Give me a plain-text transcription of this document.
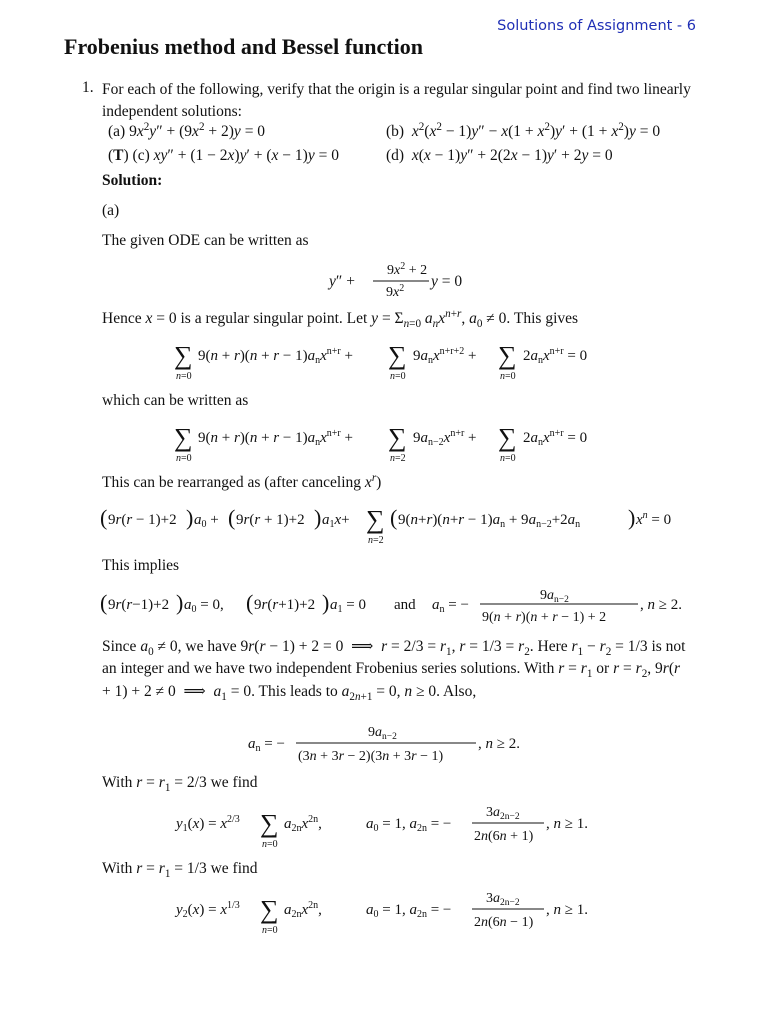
Solutions of Assignment - 6
Frobenius method and Bessel function
1. For each of the following, verify that the origin is a regular singular point and find two linearly independent solutions:
(a) $9x^2y'' + (9x^2 + 2)y = 0$	(b)  $x^2(x^2 - 1)y'' - x(1 + x^2)y' + (1 + x^2)y = 0$
(T) (c) xy″ + (1 − 2x)y′ + (x − 1)y = 0	(d)  x(x − 1)y″ + 2(2x − 1)y′ + 2y = 0
Solution:
(a)
The given ODE can be written as
y″ +
$9x^2 + 2$
$9x^2$ y = 0
Hence x = 0 is a regular singular point. Let $y = \Sigma_{n=0}$ $a_nx^{n+r}$, $a_0 \ne 0$. This gives
∑
n=0
$9(n + r)(n + r - 1)a_nx^{n+r}$ + ∑
n=0
$9a_nx^{n+r+2}$ + ∑
n=0
$2a_nx^{n+r} = 0$
which can be written as
∑
n=0
$9(n + r)(n + r - 1)a_nx^{n+r}$ + ∑
n=2
$9a_{n-2}x^{n+r}$ + ∑
n=0
$2a_nx^{n+r} = 0$
This can be rearranged as (after canceling $x^r$)
( 9r(r − 1)+2 ) $a_0$ + ( 9r(r + 1)+2 ) $a_1x+$ ∑
n=2
( $9(n+r)(n+r - 1)a_n + 9a_{n-2}+2a_n$ ) $x^n = 0$
This implies
( 9r(r−1)+2 ) $a_0 = 0$, ( 9r(r+1)+2 ) $a_1 = 0$ and $a_n$ = −
$9a_{n-2}$
9(n + r)(n + r − 1) + 2
, n ≥ 2.
Since $a_0 \ne 0$, we have 9r(r − 1) + 2 = 0  ⟹  $r = 2/3 = r_1$, $r = 1/3 = r_2$. Here $r_1 - r_2 = 1/3$ is not an integer and we have two independent Frobenius series solutions. With $r = r_1$ or $r = r_2$, 9r(r + 1) + 2 ≠ 0  ⟹  $a_1 = 0$. This leads to $a_{2n+1} = 0$, n ≥ 0. Also,
$a_n$ = −
$9a_{n-2}$
(3n + 3r − 2)(3n + 3r − 1)
, n ≥ 2.
With $r = r_1 = 2/3$ we find
$y_1(x) = x^{2/3}$ ∑
n=0
$a_{2n}x^{2n}$,	$a_0 = 1$, $a_{2n}$ = −
$3a_{2n-2}$
2n(6n + 1)
, n ≥ 1.
With $r = r_1 = 1/3$ we find
$y_2(x) = x^{1/3}$ ∑
n=0
$a_{2n}x^{2n}$,	$a_0 = 1$, $a_{2n}$ = −
$3a_{2n-2}$
2n(6n − 1)
, n ≥ 1.
